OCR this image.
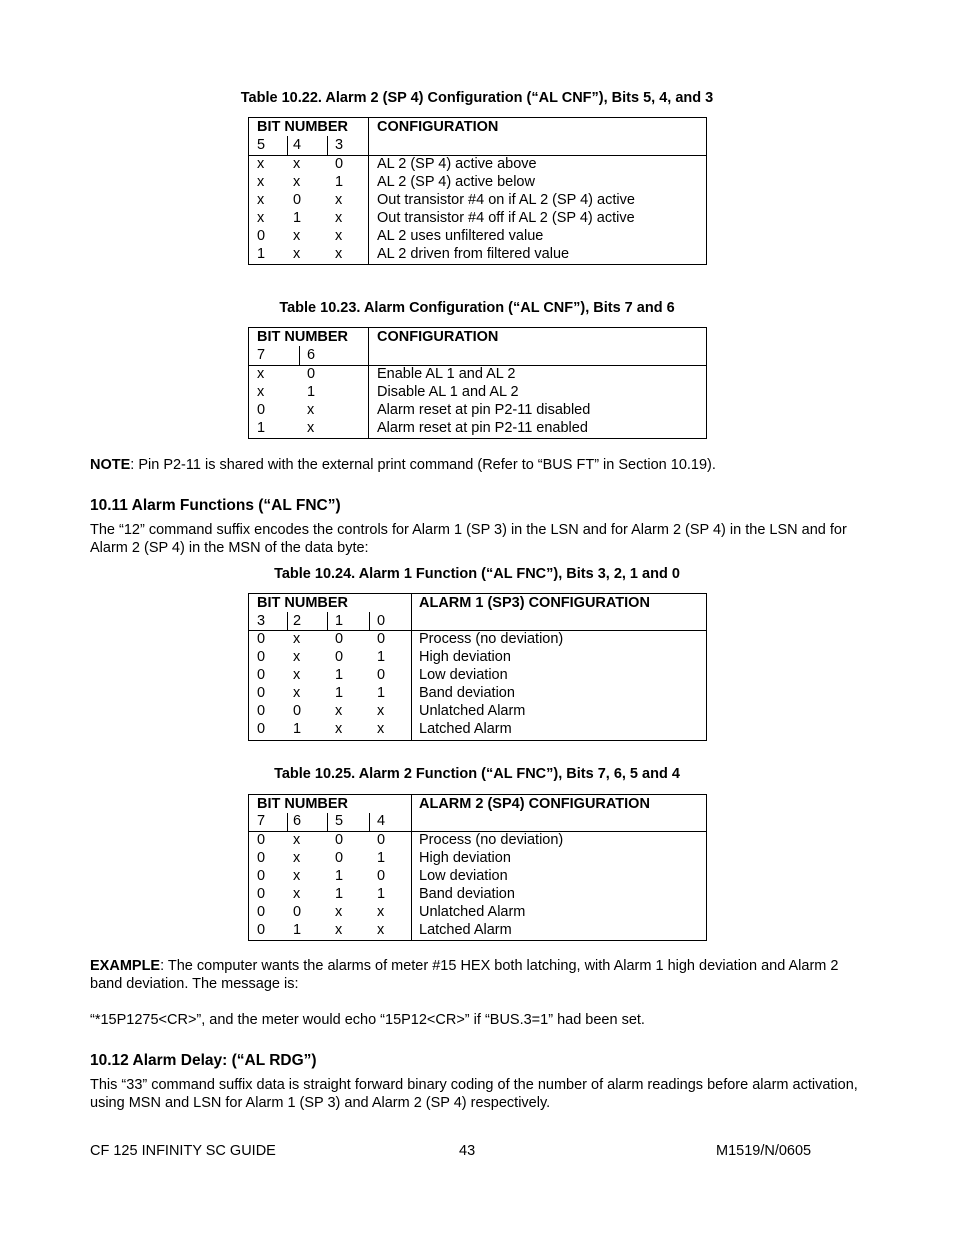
Table 10.22. Alarm 2 (SP 4) Configuration (“AL CNF”), Bits 5, 4, and 3
BIT NUMBER CONFIGURATION
5 4 3
x x 0 AL 2 (SP 4) active above
x x 1 AL 2 (SP 4) active below
x 0 x Out transistor #4 on if AL 2 (SP 4) active
x 1 x Out transistor #4 off if AL 2 (SP 4) active
0 x x AL 2 uses unfiltered value
1 x x AL 2 driven from filtered value
Table 10.23. Alarm Configuration (“AL CNF”), Bits 7 and 6
BIT NUMBER CONFIGURATION
7	6
x	0	Enable AL 1 and AL 2
x	1	Disable AL 1 and AL 2
0	x	Alarm reset at pin P2-11 disabled
1	x	Alarm reset at pin P2-11 enabled
NOTE: Pin P2-11 is shared with the external print command (Refer to “BUS FT” in Section 10.19).
10.11 Alarm Functions (“AL FNC”)
The “12” command suffix encodes the controls for Alarm 1 (SP 3) in the LSN and for Alarm 2 (SP 4) in the LSN and for Alarm 2 (SP 4) in the MSN of the data byte:
Table 10.24. Alarm 1 Function (“AL FNC”), Bits 3, 2, 1 and 0
BIT NUMBER	ALARM 1 (SP3) CONFIGURATION
3 2 1 0
0 x 0 0 Process (no deviation)
0 x 0 1 High deviation
0 x 1 0 Low deviation
0 x 1 1 Band deviation
0 0 x x Unlatched Alarm
0 1 x x Latched Alarm
Table 10.25. Alarm 2 Function (“AL FNC”), Bits 7, 6, 5 and 4
BIT NUMBER	ALARM 2 (SP4) CONFIGURATION
7 6 5 4
0 x 0 0 Process (no deviation)
0 x 0 1 High deviation
0 x 1 0 Low deviation
0 x 1 1 Band deviation
0 0 x x Unlatched Alarm
0 1 x x Latched Alarm
EXAMPLE: The computer wants the alarms of meter #15 HEX both latching, with Alarm 1 high deviation and Alarm 2 band deviation. The message is:
“*15P1275<CR>”, and the meter would echo “15P12<CR>” if “BUS.3=1” had been set.
10.12 Alarm Delay: (“AL RDG”)
This “33” command suffix data is straight forward binary coding of the number of alarm readings before alarm activation, using MSN and LSN for Alarm 1 (SP 3) and Alarm 2 (SP 4) respectively.
CF 125 INFINITY SC GUIDE	43	M1519/N/0605
